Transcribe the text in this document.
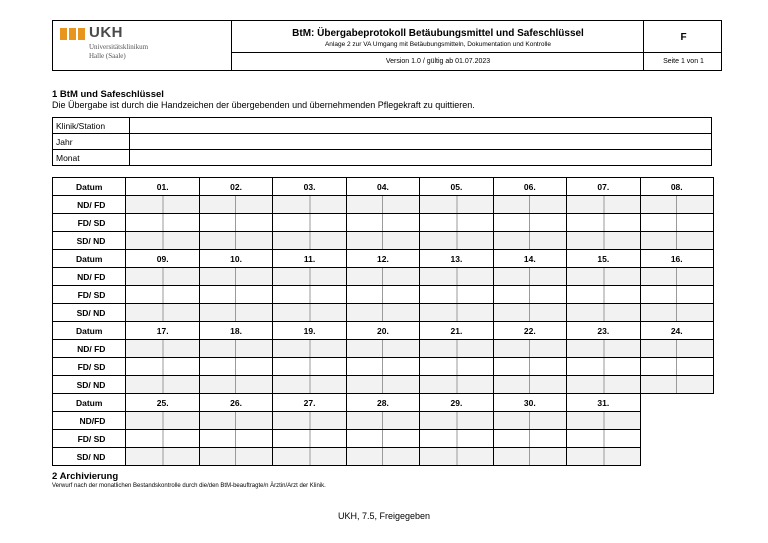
UKH
Universitätsklinikum
Halle (Saale)
BtM: Übergabeprotokoll Betäubungsmittel und Safeschlüssel
Anlage 2 zur VA Umgang mit Betäubungsmitteln, Dokumentation und Kontrolle
Version 1.0 / gültig ab 01.07.2023
F
Seite 1 von 1
1 BtM und Safeschlüssel
Die Übergabe ist durch die Handzeichen der übergebenden und übernehmenden Pflegekraft zu quittieren.
Klinik/Station	
Jahr	
Monat	
Datum	01.	02.	03.	04.	05.	06.	07.	08.
ND/ FD								
FD/ SD								
SD/ ND								
Datum	09.	10.	11.	12.	13.	14.	15.	16.
ND/ FD								
FD/ SD								
SD/ ND								
Datum	17.	18.	19.	20.	21.	22.	23.	24.
ND/ FD								
FD/ SD								
SD/ ND								
Datum	25.	26.	27.	28.	29.	30.	31.	
ND/FD								
FD/ SD								
SD/ ND								
2 Archivierung
Verwurf nach der monatlichen Bestandskontrolle durch die/den BtM-beauftragte/n Ärztin/Arzt der Klinik.
UKH, 7.5, Freigegeben
